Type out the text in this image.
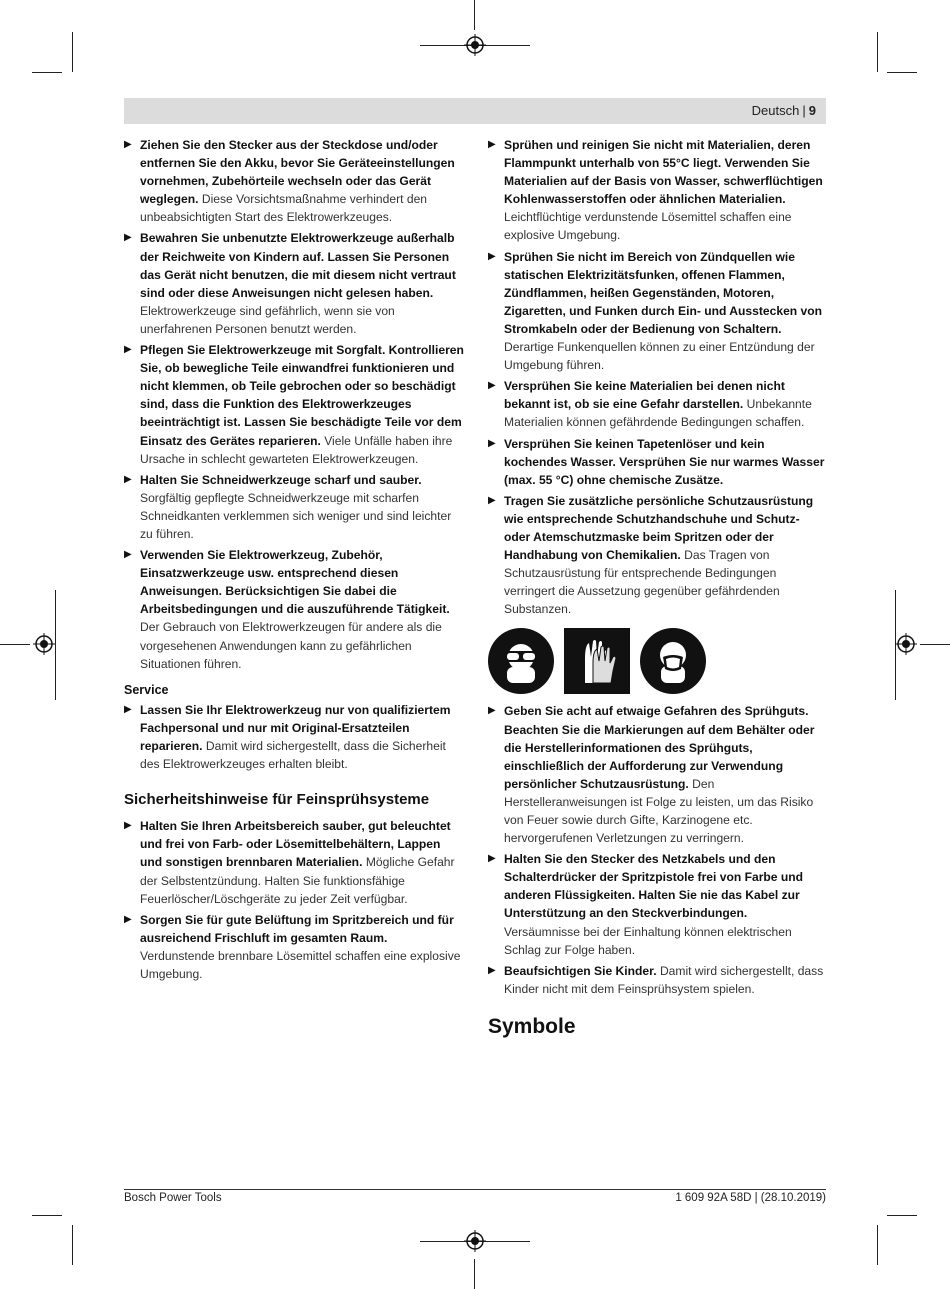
Deutsch | 9
▶ Ziehen Sie den Stecker aus der Steckdose und/oder entfernen Sie den Akku, bevor Sie Geräteeinstellungen vornehmen, Zubehörteile wechseln oder das Gerät weglegen. Diese Vorsichtsmaßnahme verhindert den unbeabsichtigten Start des Elektrowerkzeuges.
▶ Bewahren Sie unbenutzte Elektrowerkzeuge außerhalb der Reichweite von Kindern auf. Lassen Sie Personen das Gerät nicht benutzen, die mit diesem nicht vertraut sind oder diese Anweisungen nicht gelesen haben. Elektrowerkzeuge sind gefährlich, wenn sie von unerfahrenen Personen benutzt werden.
▶ Pflegen Sie Elektrowerkzeuge mit Sorgfalt. Kontrollieren Sie, ob bewegliche Teile einwandfrei funktionieren und nicht klemmen, ob Teile gebrochen oder so beschädigt sind, dass die Funktion des Elektrowerkzeuges beeinträchtigt ist. Lassen Sie beschädigte Teile vor dem Einsatz des Gerätes reparieren. Viele Unfälle haben ihre Ursache in schlecht gewarteten Elektrowerkzeugen.
▶ Halten Sie Schneidwerkzeuge scharf und sauber. Sorgfältig gepflegte Schneidwerkzeuge mit scharfen Schneidkanten verklemmen sich weniger und sind leichter zu führen.
▶ Verwenden Sie Elektrowerkzeug, Zubehör, Einsatzwerkzeuge usw. entsprechend diesen Anweisungen. Berücksichtigen Sie dabei die Arbeitsbedingungen und die auszuführende Tätigkeit. Der Gebrauch von Elektrowerkzeugen für andere als die vorgesehenen Anwendungen kann zu gefährlichen Situationen führen.
Service
▶ Lassen Sie Ihr Elektrowerkzeug nur von qualifiziertem Fachpersonal und nur mit Original-Ersatzteilen reparieren. Damit wird sichergestellt, dass die Sicherheit des Elektrowerkzeuges erhalten bleibt.
Sicherheitshinweise für Feinsprühsysteme
▶ Halten Sie Ihren Arbeitsbereich sauber, gut beleuchtet und frei von Farb- oder Lösemittelbehältern, Lappen und sonstigen brennbaren Materialien. Mögliche Gefahr der Selbstentzündung. Halten Sie funktionsfähige Feuerlöscher/Löschgeräte zu jeder Zeit verfügbar.
▶ Sorgen Sie für gute Belüftung im Spritzbereich und für ausreichend Frischluft im gesamten Raum. Verdunstende brennbare Lösemittel schaffen eine explosive Umgebung.
▶ Sprühen und reinigen Sie nicht mit Materialien, deren Flammpunkt unterhalb von 55°C liegt. Verwenden Sie Materialien auf der Basis von Wasser, schwerflüchtigen Kohlenwasserstoffen oder ähnlichen Materialien. Leichtflüchtige verdunstende Lösemittel schaffen eine explosive Umgebung.
▶ Sprühen Sie nicht im Bereich von Zündquellen wie statischen Elektrizitätsfunken, offenen Flammen, Zündflammen, heißen Gegenständen, Motoren, Zigaretten, und Funken durch Ein- und Ausstecken von Stromkabeln oder der Bedienung von Schaltern. Derartige Funkenquellen können zu einer Entzündung der Umgebung führen.
▶ Versprühen Sie keine Materialien bei denen nicht bekannt ist, ob sie eine Gefahr darstellen. Unbekannte Materialien können gefährdende Bedingungen schaffen.
▶ Versprühen Sie keinen Tapetenlöser und kein kochendes Wasser. Versprühen Sie nur warmes Wasser (max. 55 °C) ohne chemische Zusätze.
▶ Tragen Sie zusätzliche persönliche Schutzausrüstung wie entsprechende Schutzhandschuhe und Schutz- oder Atemschutzmaske beim Spritzen oder der Handhabung von Chemikalien. Das Tragen von Schutzausrüstung für entsprechende Bedingungen verringert die Aussetzung gegenüber gefährdenden Substanzen.
▶ Geben Sie acht auf etwaige Gefahren des Sprühguts. Beachten Sie die Markierungen auf dem Behälter oder die Herstellerinformationen des Sprühguts, einschließlich der Aufforderung zur Verwendung persönlicher Schutzausrüstung. Den Herstelleranweisungen ist Folge zu leisten, um das Risiko von Feuer sowie durch Gifte, Karzinogene etc. hervorgerufenen Verletzungen zu verringern.
▶ Halten Sie den Stecker des Netzkabels und den Schalterdrücker der Spritzpistole frei von Farbe und anderen Flüssigkeiten. Halten Sie nie das Kabel zur Unterstützung an den Steckverbindungen. Versäumnisse bei der Einhaltung können elektrischen Schlag zur Folge haben.
▶ Beaufsichtigen Sie Kinder. Damit wird sichergestellt, dass Kinder nicht mit dem Feinsprühsystem spielen.
Symbole
Bosch Power Tools	1 609 92A 58D | (28.10.2019)
